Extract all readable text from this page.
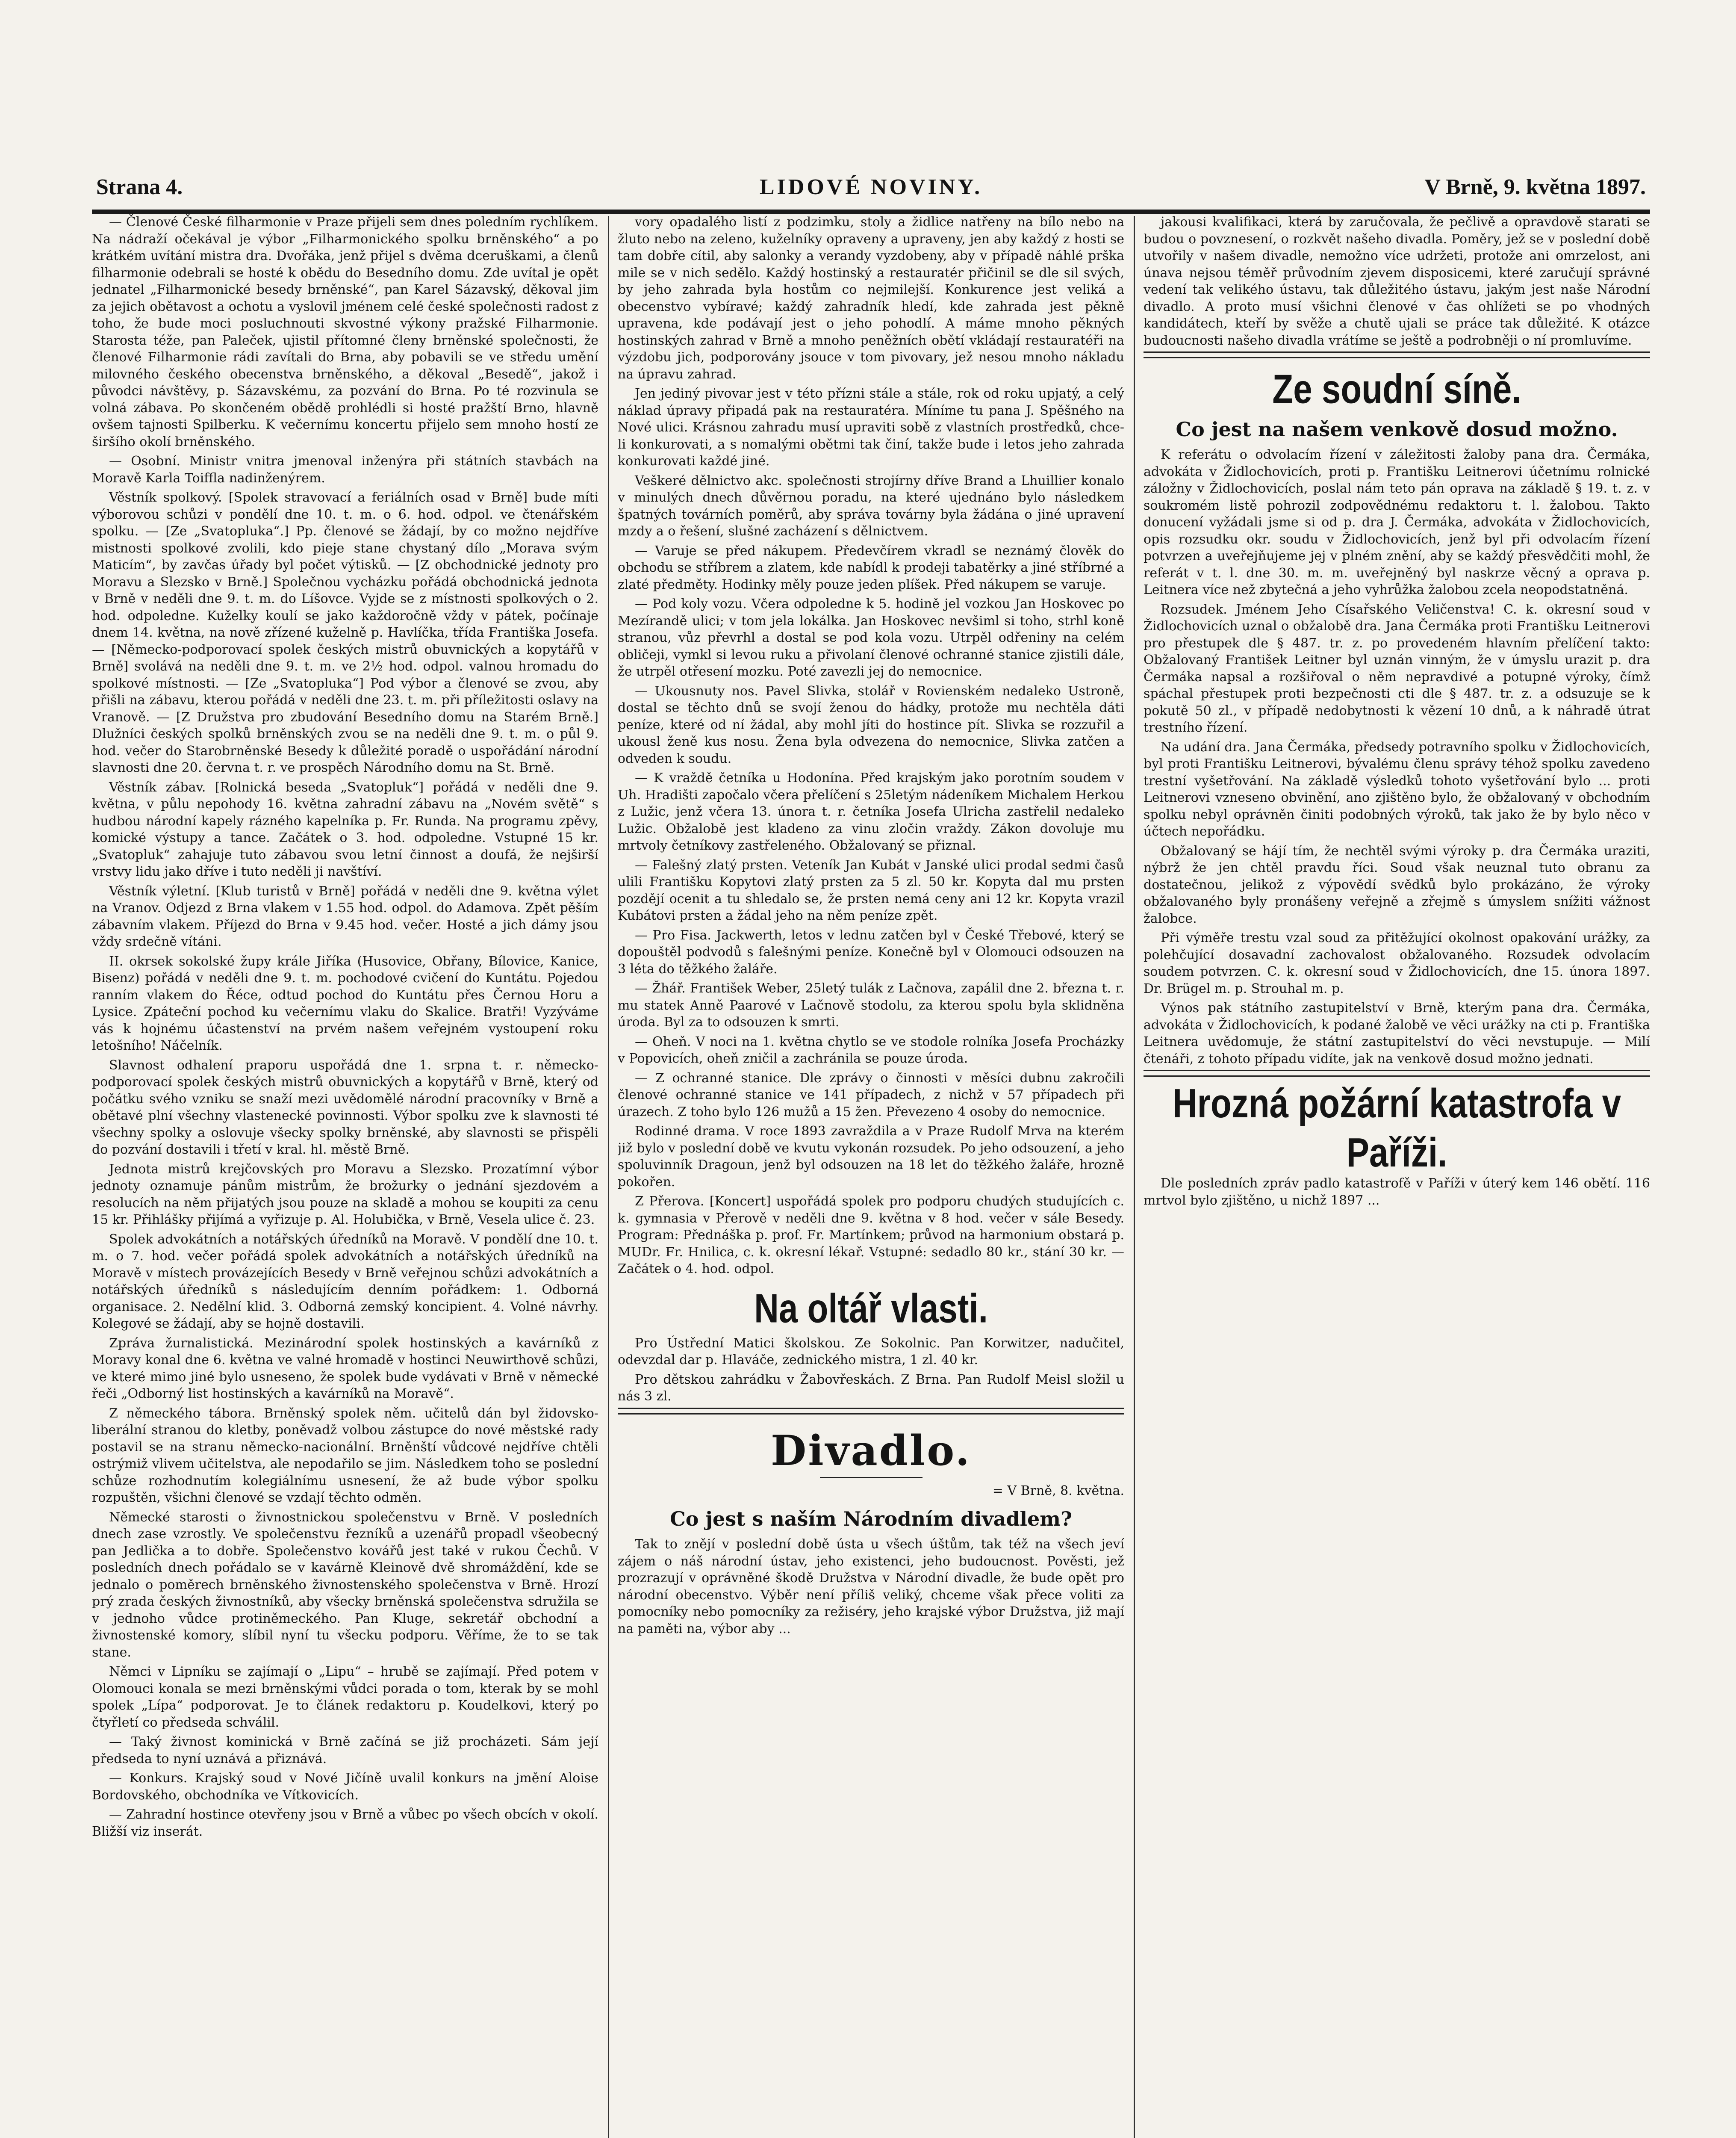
Strana 4.	LIDOVÉ NOVINY.	V Brně, 9. května 1897.

— Členové České filharmonie v Praze přijeli sem dnes poledním rychlíkem. Na nádraží očekával je výbor „Filharmonického spolku brněnského“ a po krátkém uvítání mistra dra. Dvořáka, jenž přijel s dvěma dceruškami, a členů filharmonie odebrali se hosté k obědu do Besedního domu. Zde uvítal je opět jednatel „Filharmonické besedy brněnské“, pan Karel Sázavský, děkoval jim za jejich obětavost a ochotu a vyslovil jménem celé české společnosti radost z toho, že bude moci posluchnouti skvostné výkony pražské Filharmonie. Starosta téže, pan Paleček, ujistil přítomné členy brněnské společnosti, že členové Filharmonie rádi zavítali do Brna, aby pobavili se ve středu umění milovného českého obecenstva brněnského, a děkoval „Besedě“, jakož i původci návštěvy, p. Sázavskému, za pozvání do Brna. Po té rozvinula se volná zábava. Po skončeném obědě prohlédli si hosté pražští Brno, hlavně ovšem tajnosti Spilberku. K večernímu koncertu přijelo sem mnoho hostí ze širšího okolí brněnského.

— Osobní. Ministr vnitra jmenoval inženýra při státních stavbách na Moravě Karla Toiffla nadinženýrem.

Věstník spolkový. [Spolek stravovací a feriálních osad v Brně] bude míti výborovou schůzi v pondělí dne 10. t. m. o 6. hod. odpol. ve čtenářském spolku. — [Ze „Svatopluka“.] Pp. členové se žádají, by co možno nejdříve mistnosti spolkové zvolili, kdo pieje stane chystaný dílo „Morava svým Maticím“, by zavčas úřady byl počet výtisků. — [Z obchodnické jednoty pro Moravu a Slezsko v Brně.] Společnou vycházku pořádá obchodnická jednota v Brně v neděli dne 9. t. m. do Líšovce. Vyjde se z místnosti spolkových o 2. hod. odpoledne. Kuželky koulí se jako každoročně vždy v pátek, počínaje dnem 14. května, na nově zřízené kuželně p. Havlíčka, třída Františka Josefa. — [Německo-podporovací spolek českých mistrů obuvnických a kopytářů v Brně] svolává na neděli dne 9. t. m. ve 2½ hod. odpol. valnou hromadu do spolkové místnosti. — [Ze „Svatopluka“] Pod výbor a členové se zvou, aby přišli na zábavu, kterou pořádá v neděli dne 23. t. m. při příležitosti oslavy na Vranově. — [Z Družstva pro zbudování Besedního domu na Starém Brně.] Dlužníci českých spolků brněnských zvou se na neděli dne 9. t. m. o půl 9. hod. večer do Starobrněnské Besedy k důležité poradě o uspořádání národní slavnosti dne 20. června t. r. ve prospěch Národního domu na St. Brně.

Věstník zábav. [Rolnická beseda „Svatopluk“] pořádá v neděli dne 9. května, v půlu nepohody 16. května zahradní zábavu na „Novém světě“ s hudbou národní kapely rázného kapelníka p. Fr. Runda. Na programu zpěvy, komické výstupy a tance. Začátek o 3. hod. odpoledne. Vstupné 15 kr. „Svatopluk“ zahajuje tuto zábavou svou letní činnost a doufá, že nejširší vrstvy lidu jako dříve i tuto neděli ji navštíví.

Věstník výletní. [Klub turistů v Brně] pořádá v neděli dne 9. května výlet na Vranov. Odjezd z Brna vlakem v 1.55 hod. odpol. do Adamova. Zpět pěším zábavním vlakem. Příjezd do Brna v 9.45 hod. večer. Hosté a jich dámy jsou vždy srdečně vítáni.

II. okrsek sokolské župy krále Jiříka (Husovice, Obřany, Bílovice, Kanice, Bisenz) pořádá v neděli dne 9. t. m. pochodové cvičení do Kuntátu. Pojedou ranním vlakem do Řéce, odtud pochod do Kuntátu přes Černou Horu a Lysice. Zpáteční pochod ku večernímu vlaku do Skalice. Bratři! Vyzýváme vás k hojnému účastenství na prvém našem veřejném vystoupení roku letošního! Náčelník.

Slavnost odhalení praporu uspořádá dne 1. srpna t. r. německo-podporovací spolek českých mistrů obuvnických a kopytářů v Brně, který od počátku svého vzniku se snaží mezi uvědomělé národní pracovníky v Brně a obětavé plní všechny vlastenecké povinnosti. Výbor spolku zve k slavnosti té všechny spolky a oslovuje všecky spolky brněnské, aby slavnosti se přispěli do pozvání dostavili i třetí v kral. hl. městě Brně.

Jednota mistrů krejčovských pro Moravu a Slezsko. Prozatímní výbor jednoty oznamuje pánům mistrům, že brožurky o jednání sjezdovém a resolucích na něm přijatých jsou pouze na skladě a mohou se koupiti za cenu 15 kr. Přihlášky přijímá a vyřizuje p. Al. Holubička, v Brně, Vesela ulice č. 23.

Spolek advokátních a notářských úředníků na Moravě. V pondělí dne 10. t. m. o 7. hod. večer pořádá spolek advokátních a notářských úředníků na Moravě v místech provázejících Besedy v Brně veřejnou schůzi advokátních a notářských úředníků s následujícím denním pořádkem: 1. Odborná organisace. 2. Nedělní klid. 3. Odborná zemský koncipient. 4. Volné návrhy. Kolegové se žádají, aby se hojně dostavili.

Zpráva žurnalistická. Mezinárodní spolek hostinských a kavárníků z Moravy konal dne 6. května ve valné hromadě v hostinci Neuwirthově schůzi, ve které mimo jiné bylo usneseno, že spolek bude vydávati v Brně v německé řeči „Odborný list hostinských a kavárníků na Moravě“.

Z německého tábora. Brněnský spolek něm. učitelů dán byl židovsko-liberální stranou do kletby, poněvadž volbou zástupce do nové městské rady postavil se na stranu německo-nacionální. Brněnští vůdcové nejdříve chtěli ostrýmiž vlivem učitelstva, ale nepodařilo se jim. Následkem toho se poslední schůze rozhodnutím kolegiálnímu usnesení, že až bude výbor spolku rozpuštěn, všichni členové se vzdají těchto odměn.

Německé starosti o živnostnickou společenstvu v Brně. V posledních dnech zase vzrostly. Ve společenstvu řezníků a uzenářů propadl všeobecný pan Jedlička a to dobře. Společenstvo kovářů jest také v rukou Čechů. V posledních dnech pořádalo se v kavárně Kleinově dvě shromáždění, kde se jednalo o poměrech brněnského živnostenského společenstva v Brně. Hrozí prý zrada českých živnostníků, aby všecky brněnská společenstva sdružila se v jednoho vůdce protiněmeckého. Pan Kluge, sekretář obchodní a živnostenské komory, slíbil nyní tu všecku podporu. Věříme, že to se tak stane.

Němci v Lipníku se zajímají o „Lipu“ – hrubě se zajímají. Před potem v Olomouci konala se mezi brněnskými vůdci porada o tom, kterak by se mohl spolek „Lípa“ podporovat. Je to článek redaktoru p. Koudelkovi, který po čtyřletí co předseda schválil.

— Taký živnost kominická v Brně začíná se již procházeti. Sám její předseda to nyní uznává a přiznává.

— Konkurs. Krajský soud v Nové Jičíně uvalil konkurs na jmění Aloise Bordovského, obchodníka ve Vítkovicích.

— Zahradní hostince otevřeny jsou v Brně a vůbec po všech obcích v okolí. Bližší viz inserát.

vory opadalého listí z podzimku, stoly a židlice natřeny na bílo nebo na žluto nebo na zeleno, kuželníky opraveny a upraveny, jen aby každý z hosti se tam dobře cítil, aby salonky a verandy vyzdobeny, aby v případě náhlé prška mile se v nich sedělo. Každý hostinský a restauratér přičinil se dle sil svých, by jeho zahrada byla hostům co nejmilejší. Konkurence jest veliká a obecenstvo vybíravé; každý zahradník hledí, kde zahrada jest pěkně upravena, kde podávají jest o jeho pohodlí. A máme mnoho pěkných hostinských zahrad v Brně a mnoho peněžních obětí vkládají restauratéři na výzdobu jich, podporovány jsouce v tom pivovary, jež nesou mnoho nákladu na úpravu zahrad.

Jen jediný pivovar jest v této přízni stále a stále, rok od roku upjatý, a celý náklad úpravy připadá pak na restauratéra. Míníme tu pana J. Spěšného na Nové ulici. Krásnou zahradu musí upraviti sobě z vlastních prostředků, chce-li konkurovati, a s nomalými obětmi tak činí, takže bude i letos jeho zahrada konkurovati každé jiné.

Veškeré dělnictvo akc. společnosti strojírny dříve Brand a Lhuillier konalo v minulých dnech důvěrnou poradu, na které ujednáno bylo následkem špatných továrních poměrů, aby správa továrny byla žádána o jiné upravení mzdy a o řešení, slušné zacházení s dělnictvem.

— Varuje se před nákupem. Předevčírem vkradl se neznámý člověk do obchodu se stříbrem a zlatem, kde nabídl k prodeji tabatěrky a jiné stříbrné a zlaté předměty. Hodinky měly pouze jeden plíšek. Před nákupem se varuje.

— Pod koly vozu. Včera odpoledne k 5. hodině jel vozkou Jan Hoskovec po Mezírandě ulici; v tom jela lokálka. Jan Hoskovec nevšiml si toho, strhl koně stranou, vůz převrhl a dostal se pod kola vozu. Utrpěl odřeniny na celém obličeji, vymkl si levou ruku a přivolaní členové ochranné stanice zjistili dále, že utrpěl otřesení mozku. Poté zavezli jej do nemocnice.

— Ukousnuty nos. Pavel Slivka, stolář v Rovienském nedaleko Ustroně, dostal se těchto dnů se svojí ženou do hádky, protože mu nechtěla dáti peníze, které od ní žádal, aby mohl jíti do hostince pít. Slivka se rozzuřil a ukousl ženě kus nosu. Žena byla odvezena do nemocnice, Slivka zatčen a odveden k soudu.

— K vraždě četníka u Hodonína. Před krajským jako porotním soudem v Uh. Hradišti započalo včera přelíčení s 25letým nádeníkem Michalem Herkou z Lužic, jenž včera 13. února t. r. četníka Josefa Ulricha zastřelil nedaleko Lužic. Obžalobě jest kladeno za vinu zločin vraždy. Zákon dovoluje mu mrtvoly četníkovy zastřeleného. Obžalovaný se přiznal.

— Falešný zlatý prsten. Veteník Jan Kubát v Janské ulici prodal sedmi časů ulili Františku Kopytovi zlatý prsten za 5 zl. 50 kr. Kopyta dal mu prsten pozdějí ocenit a tu shledalo se, že prsten nemá ceny ani 12 kr. Kopyta vrazil Kubátovi prsten a žádal jeho na něm peníze zpět.

— Pro Fisa. Jackwerth, letos v lednu zatčen byl v České Třebové, který se dopouštěl podvodů s falešnými peníze. Konečně byl v Olomouci odsouzen na 3 léta do těžkého žaláře.

— Žhář. František Weber, 25letý tulák z Lačnova, zapálil dne 2. března t. r. mu statek Anně Paarové v Lačnově stodolu, za kterou spolu byla sklidněna úroda. Byl za to odsouzen k smrti.

— Oheň. V noci na 1. května chytlo se ve stodole rolníka Josefa Procházky v Popovicích, oheň zničil a zachránila se pouze úroda.

— Z ochranné stanice. Dle zprávy o činnosti v měsíci dubnu zakročili členové ochranné stanice ve 141 případech, z nichž v 57 případech při úrazech. Z toho bylo 126 mužů a 15 žen. Převezeno 4 osoby do nemocnice.

Rodinné drama. V roce 1893 zavraždila a v Praze Rudolf Mrva na kterém již bylo v poslední době ve kvutu vykonán rozsudek. Po jeho odsouzení, a jeho spoluvinník Dragoun, jenž byl odsouzen na 18 let do těžkého žaláře, hrozně pokořen.

Z Přerova. [Koncert] uspořádá spolek pro podporu chudých studujících c. k. gymnasia v Přerově v neděli dne 9. května v 8 hod. večer v sále Besedy. Program: Přednáška p. prof. Fr. Martínkem; průvod na harmonium obstará p. MUDr. Fr. Hnilica, c. k. okresní lékař. Vstupné: sedadlo 80 kr., stání 30 kr. — Začátek o 4. hod. odpol.

Na oltář vlasti.

Pro Ústřední Matici školskou. Ze Sokolnic. Pan Korwitzer, nadučitel, odevzdal dar p. Hlaváče, zednického mistra, 1 zl. 40 kr.

Pro dětskou zahrádku v Žabovřeskách. Z Brna. Pan Rudolf Meisl složil u nás 3 zl.

Divadlo.
= V Brně, 8. května.
Co jest s naším Národním divadlem?

Tak to znějí v poslední době ústa u všech úštům, tak též na všech jeví zájem o náš národní ústav, jeho existenci, jeho budoucnost. Pověsti, jež prozrazují v oprávněné škodě Družstva v Národní divadle, že bude opět pro národní obecenstvo. Výběr není příliš veliký, chceme však přece voliti za pomocníky nebo pomocníky za režiséry, jeho krajské výbor Družstva, již mají na paměti na, výbor aby ...

jakousi kvalifikaci, která by zaručovala, že pečlivě a opravdově starati se budou o povznesení, o rozkvět našeho divadla. Poměry, jež se v poslední době utvořily v našem divadle, nemožno více udržeti, protože ani omrzelost, ani únava nejsou téměř průvodním zjevem disposicemi, které zaručují správné vedení tak velikého ústavu, tak důležitého ústavu, jakým jest naše Národní divadlo. A proto musí všichni členové v čas ohlížeti se po vhodných kandidátech, kteří by svěže a chutě ujali se práce tak důležité. K otázce budoucnosti našeho divadla vrátíme se ještě a podrobněji o ní promluvíme.

Ze soudní síně.
Co jest na našem venkově dosud možno.

K referátu o odvolacím řízení v záležitosti žaloby pana dra. Čermáka, advokáta v Židlochovicích, proti p. Františku Leitnerovi účetnímu rolnické záložny v Židlochovicích, poslal nám teto pán oprava na základě § 19. t. z. v soukromém listě pohrozil zodpovědnému redaktoru t. l. žalobou. Takto donucení vyžádali jsme si od p. dra J. Čermáka, advokáta v Židlochovicích, opis rozsudku okr. soudu v Židlochovicích, jenž byl při odvolacím řízení potvrzen a uveřejňujeme jej v plném znění, aby se každý přesvědčiti mohl, že referát v t. l. dne 30. m. m. uveřejněný byl naskrze věcný a oprava p. Leitnera více než zbytečná a jeho vyhrůžka žalobou zcela neopodstatněná.

Rozsudek. Jménem Jeho Císařského Veličenstva! C. k. okresní soud v Židlochovicích uznal o obžalobě dra. Jana Čermáka proti Františku Leitnerovi pro přestupek dle § 487. tr. z. po provedeném hlavním přelíčení takto: Obžalovaný František Leitner byl uznán vinným, že v úmyslu urazit p. dra Čermáka napsal a rozšiřoval o něm nepravdivé a potupné výroky, čímž spáchal přestupek proti bezpečnosti cti dle § 487. tr. z. a odsuzuje se k pokutě 50 zl., v případě nedobytnosti k vězení 10 dnů, a k náhradě útrat trestního řízení.

Na udání dra. Jana Čermáka, předsedy potravního spolku v Židlochovicích, byl proti Františku Leitnerovi, bývalému členu správy téhož spolku zavedeno trestní vyšetřování. Na základě výsledků tohoto vyšetřování bylo ... proti Leitnerovi vzneseno obvinění, ano zjištěno bylo, že obžalovaný v obchodním spolku nebyl oprávněn činiti podobných výroků, tak jako že by bylo něco v účtech nepořádku.

Obžalovaný se hájí tím, že nechtěl svými výroky p. dra Čermáka uraziti, nýbrž že jen chtěl pravdu říci. Soud však neuznal tuto obranu za dostatečnou, jelikož z výpovědí svědků bylo prokázáno, že výroky obžalovaného byly pronášeny veřejně a zřejmě s úmyslem snížiti vážnost žalobce.

Při výměře trestu vzal soud za přitěžující okolnost opakování urážky, za polehčující dosavadní zachovalost obžalovaného. Rozsudek odvolacím soudem potvrzen. C. k. okresní soud v Židlochovicích, dne 15. února 1897. Dr. Brügel m. p. Strouhal m. p.

Výnos pak státního zastupitelství v Brně, kterým pana dra. Čermáka, advokáta v Židlochovicích, k podané žalobě ve věci urážky na cti p. Františka Leitnera uvědomuje, že státní zastupitelství do věci nevstupuje. — Milí čtenáři, z tohoto případu vidíte, jak na venkově dosud možno jednati.

Hrozná požární katastrofa v Paříži.

Dle posledních zpráv padlo katastrofě v Paříži v úterý kem 146 obětí. 116 mrtvol bylo zjištěno, u nichž 1897 ...
